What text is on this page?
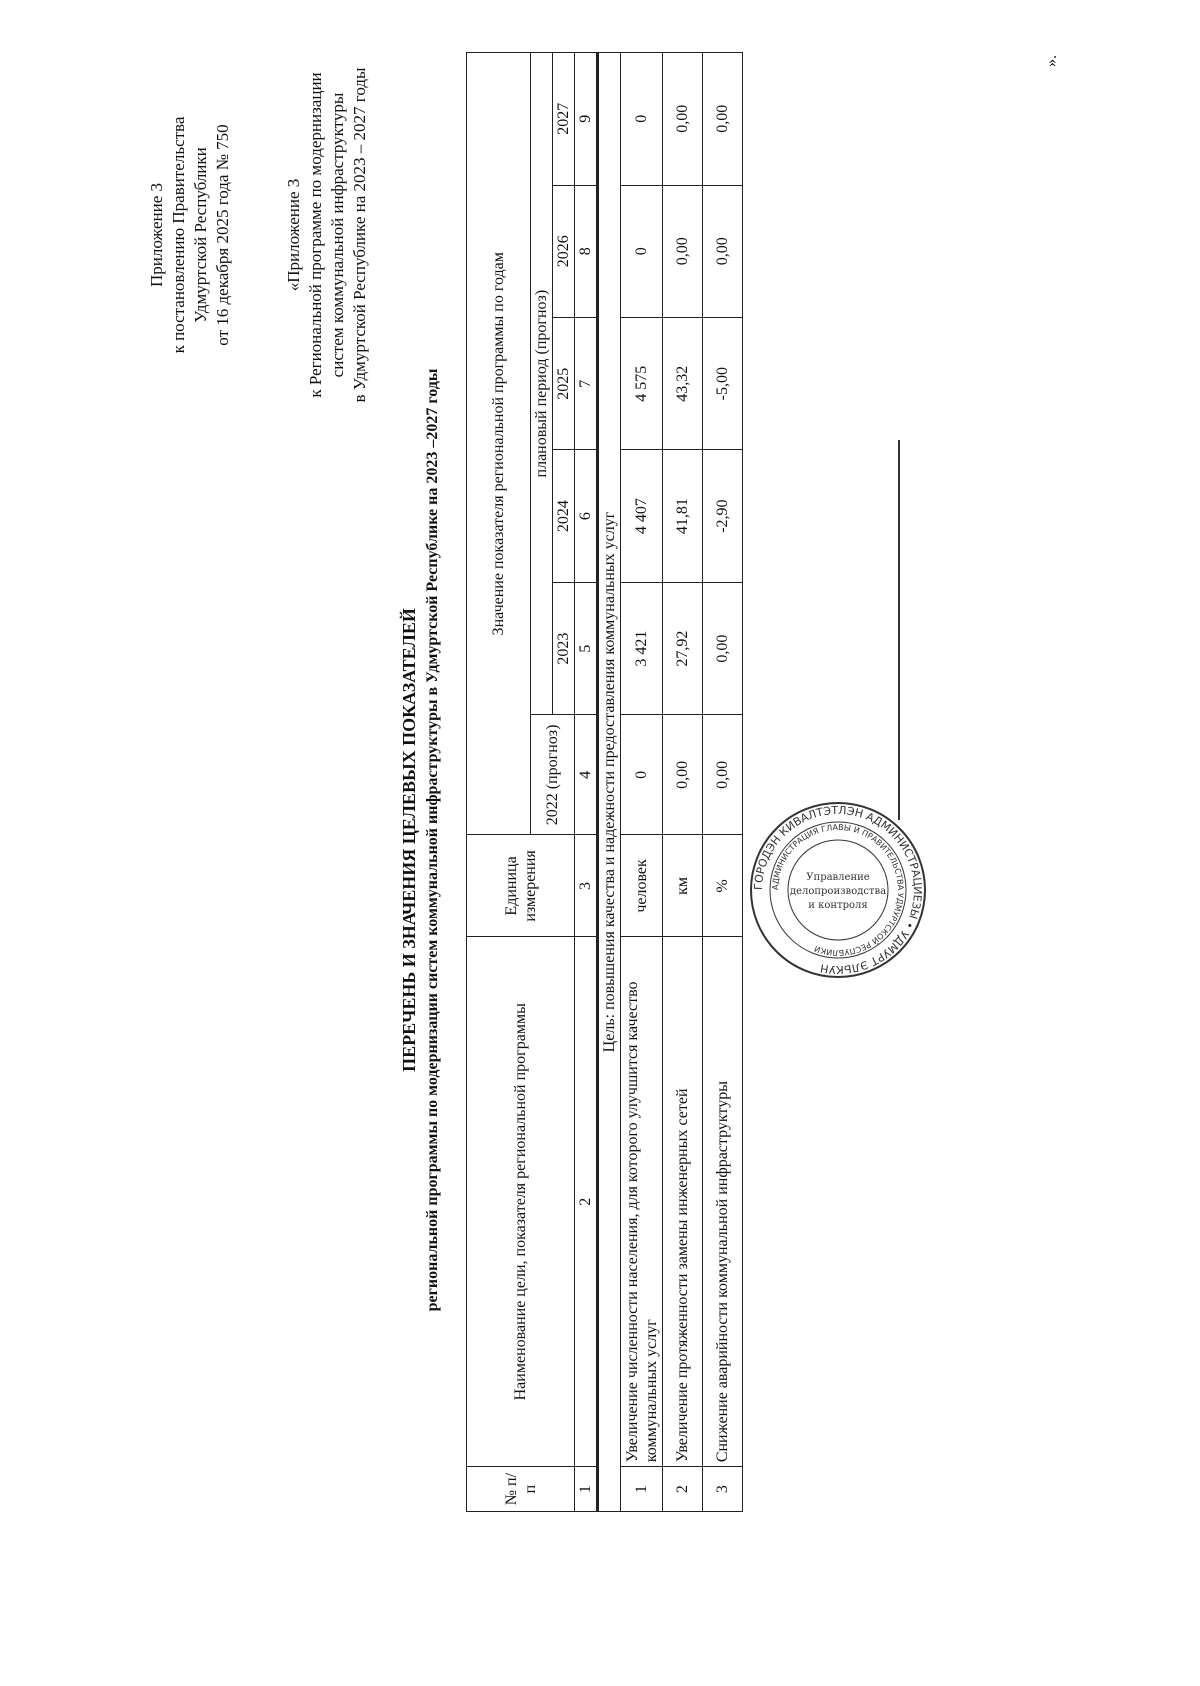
Приложение 3 к постановлению Правительства Удмуртской Республики от 16 декабря 2025 года № 750	«Приложение 3 к Региональной программе по модернизации систем коммунальной инфраструктуры в Удмуртской Республике на 2023 – 2027 годы
ПЕРЕЧЕНЬ И ЗНАЧЕНИЯ ЦЕЛЕВЫХ ПОКАЗАТЕЛЕЙ региональной программы по модернизации систем коммунальной инфраструктуры в Удмуртской Республике на 2023 –2027 годы
№ п/п	Наименование цели, показателя региональной программы	Единица измерения	Значение показателя региональной программы по годам					
			2022 (прогноз)	плановый период (прогноз)				
				2023	2024	2025	2026	2027
1	2	3	4	5	6	7	8	9
Цель: повышения качества и надежности предоставления коммунальных услуг								
1	Увеличение численности населения, для которого улучшится качество коммунальных услуг	человек	0	3 421	4 407	4 575	0	0
2	Увеличение протяженности замены инженерных сетей	км	0,00	27,92	41,81	43,32	0,00	0,00
3	Снижение аварийности коммунальной инфраструктуры	%	0,00	0,00	-2,90	-5,00	0,00	0,00
».
ГОРОДЭН КИВАЛТЭТЛЭН АДМИНИСТРАЦИЕЗЫ • УДМУРТ ЭЛЬКУН
АДМИНИСТРАЦИЯ ГЛАВЫ И ПРАВИТЕЛЬСТВА УДМУРТСКОЙ РЕСПУБЛИКИ
Управление
делопроизводства
и контроля
